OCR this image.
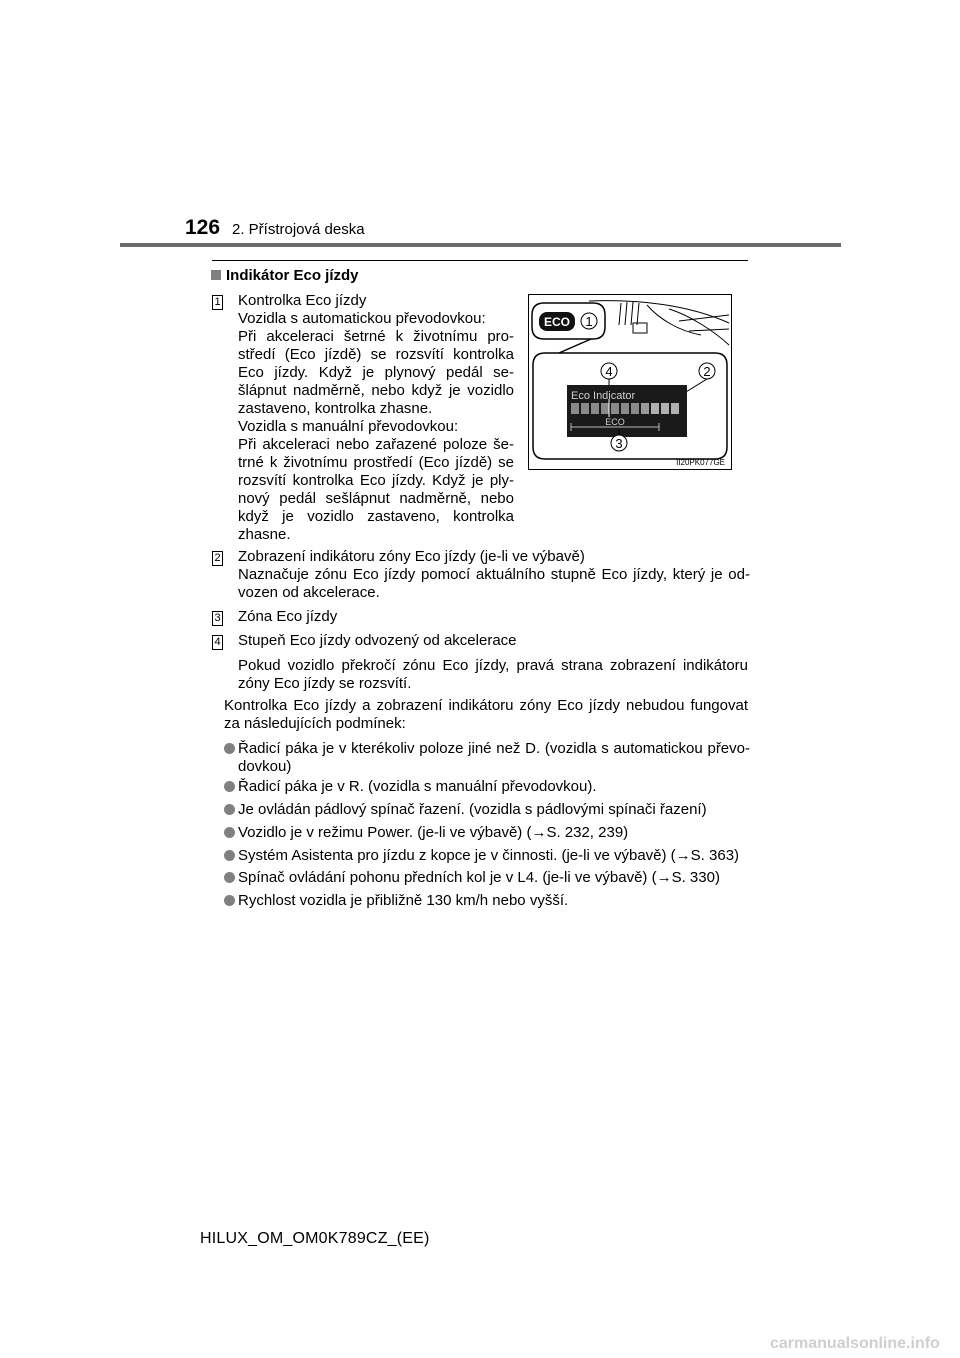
126 2. Přístrojová deska
Indikátor Eco jízdy
1 Kontrolka Eco jízdy
Vozidla s automatickou převodovkou:
Při akceleraci šetrné k životnímu pro-
středí (Eco jízdě) se rozsvítí kontrolka
Eco jízdy. Když je plynový pedál se-
šlápnut nadměrně, nebo když je vozidlo
zastaveno, kontrolka zhasne.
Vozidla s manuální převodovkou:
Při akceleraci nebo zařazené poloze še-
trné k životnímu prostředí (Eco jízdě) se
rozsvítí kontrolka Eco jízdy. Když je ply-
nový pedál sešlápnut nadměrně, nebo
když je vozidlo zastaveno, kontrolka
zhasne.
ECO 1
4	2
Eco Indicator
ECO
3
II20PK077GE
2 Zobrazení indikátoru zóny Eco jízdy (je-li ve výbavě)
Naznačuje zónu Eco jízdy pomocí aktuálního stupně Eco jízdy, který je od-
vozen od akcelerace.
3 Zóna Eco jízdy
4 Stupeň Eco jízdy odvozený od akcelerace
Pokud vozidlo překročí zónu Eco jízdy, pravá strana zobrazení indikátoru
zóny Eco jízdy se rozsvítí.
Kontrolka Eco jízdy a zobrazení indikátoru zóny Eco jízdy nebudou fungovat
za následujících podmínek:
Řadicí páka je v kterékoliv poloze jiné než D. (vozidla s automatickou převo-
dovkou)
Řadicí páka je v R. (vozidla s manuální převodovkou).
Je ovládán pádlový spínač řazení. (vozidla s pádlovými spínači řazení)
Vozidlo je v režimu Power. (je-li ve výbavě) (→S. 232, 239)
Systém Asistenta pro jízdu z kopce je v činnosti. (je-li ve výbavě) (→S. 363)
Spínač ovládání pohonu předních kol je v L4. (je-li ve výbavě) (→S. 330)
Rychlost vozidla je přibližně 130 km/h nebo vyšší.
HILUX_OM_OM0K789CZ_(EE)
carmanualsonline.info
